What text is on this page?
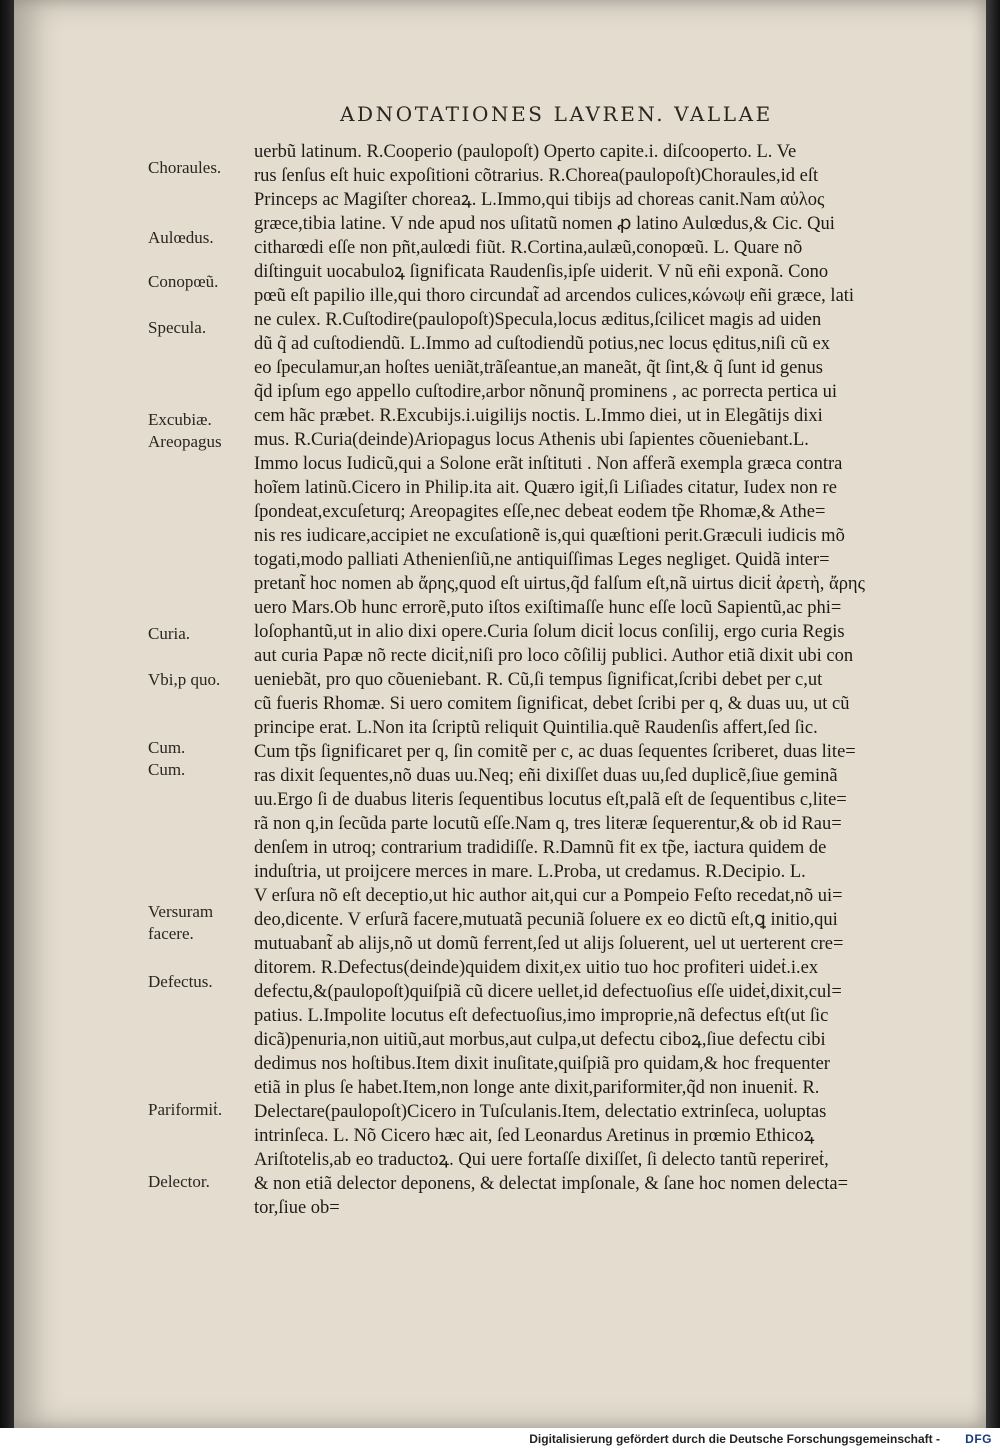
ADNOTATIONES LAVREN. VALLAE
Choraules.
Aulœdus.
Conopœũ.
Specula.
Excubiæ.
Areopagus
Curia.
Vbi,p quo.
Cum.
Cum.
Versuram
facere.
Defectus.
Pariformiṫ.
Delector.
uerbũ latinum. R.Cooperio (paulopoſt) Operto capite.i. diſcooperto. L. Ve
rus ſenſus eſt huic expoſitioni cõtrarius. R.Chorea(paulopoſt)Choraules,id eſt
Princeps ac Magiſter choreaꝝ. L.Immo,qui tibijs ad choreas canit.Nam αὐλος
græce,tibia latine. V nde apud nos uſitatũ nomen ꝓ latino Aulœdus,& Cic. Qui
citharœdi eſſe non pñt,aulœdi fiũt. R.Cortina,aulæũ,conopœũ. L. Quare nõ
diſtinguit uocabuloꝝ ſignificata Raudenſis,ipſe uiderit. V nũ eñi exponã. Cono
pœũ eſt papilio ille,qui thoro circundat̃ ad arcendos culices,κώνωψ eñi græce, lati
ne culex. R.Cuſtodire(paulopoſt)Specula,locus æditus,ſcilicet magis ad uiden
dũ q̃ ad cuſtodiendũ. L.Immo ad cuſtodiendũ potius,nec locus ęditus,niſi cũ ex
eo ſpeculamur,an hoſtes ueniãt,trãſeantue,an maneãt, q̃t ſint,& q̃ ſunt id genus
q̃d ipſum ego appello cuſtodire,arbor nõnunq̃ prominens , ac porrecta pertica ui
cem hãc præbet. R.Excubijs.i.uigilijs noctis. L.Immo diei, ut in Elegãtijs dixi
mus. R.Curia(deinde)Ariopagus locus Athenis ubi ſapientes cõueniebant.L.
Immo locus Iudicũ,qui a Solone erãt inſtituti . Non afferã exempla græca contra
hoĩem latinũ.Cicero in Philip.ita ait. Quæro igiṫ,ſi Liſiades citatur, Iudex non re
ſpondeat,excuſeturq; Areopagites eſſe,nec debeat eodem tp̃e Rhomæ,& Athe=
nis res iudicare,accipiet ne excuſationẽ is,qui quæſtioni perit.Græculi iudicis mõ
togati,modo palliati Athenienſiũ,ne antiquiſſimas Leges negliget. Quidã inter=
pretant̃ hoc nomen ab ἄρης,quod eſt uirtus,q̃d falſum eſt,nã uirtus diciṫ ἀρετὴ, ἄρης
uero Mars.Ob hunc errorẽ,puto iſtos exiſtimaſſe hunc eſſe locũ Sapientũ,ac phi=
loſophantũ,ut in alio dixi opere.Curia ſolum diciṫ locus conſilij, ergo curia Regis
aut curia Papæ nõ recte diciṫ,niſi pro loco cõſilij publici. Author etiã dixit ubi con
ueniebãt, pro quo cõueniebant. R. Cũ,ſi tempus ſignificat,ſcribi debet per c,ut
cũ fueris Rhomæ. Si uero comitem ſignificat, debet ſcribi per q, & duas uu, ut cũ
principe erat. L.Non ita ſcriptũ reliquit Quintilia.quẽ Raudenſis affert,ſed ſic.
Cum tp̃s ſignificaret per q, ſin comitẽ per c, ac duas ſequentes ſcriberet, duas lite=
ras dixit ſequentes,nõ duas uu.Neq; eñi dixiſſet duas uu,ſed duplicẽ,ſiue geminã
uu.Ergo ſi de duabus literis ſequentibus locutus eſt,palã eſt de ſequentibus c,lite=
rã non q,in ſecũda parte locutũ eſſe.Nam q, tres literæ ſequerentur,& ob id Rau=
denſem in utroq; contrarium tradidiſſe. R.Damnũ fit ex tp̃e, iactura quidem de
induſtria, ut proijcere merces in mare. L.Proba, ut credamus. R.Decipio. L.
V erſura nõ eſt deceptio,ut hic author ait,qui cur a Pompeio Feſto recedat,nõ ui=
deo,dicente. V erſurã facere,mutuatã pecuniã ſoluere ex eo dictũ eſt,ꝗ initio,qui
mutuabant̃ ab alijs,nõ ut domũ ferrent,ſed ut alijs ſoluerent, uel ut uerterent cre=
ditorem. R.Defectus(deinde)quidem dixit,ex uitio tuo hoc profiteri uideṫ.i.ex
defectu,&(paulopoſt)quiſpiã cũ dicere uellet,id defectuoſius eſſe uideṫ,dixit,cul=
patius. L.Impolite locutus eſt defectuoſius,imo improprie,nã defectus eſt(ut ſic
dicã)penuria,non uitiũ,aut morbus,aut culpa,ut defectu ciboꝝ,ſiue defectu cibi
dedimus nos hoſtibus.Item dixit inuſitate,quiſpiã pro quidam,& hoc frequenter
etiã in plus ſe habet.Item,non longe ante dixit,pariformiter,q̃d non inueniṫ. R.
Delectare(paulopoſt)Cicero in Tuſculanis.Item, delectatio extrinſeca, uoluptas
intrinſeca. L. Nõ Cicero hæc ait, ſed Leonardus Aretinus in prœmio Ethicoꝝ
Ariſtotelis,ab eo traductoꝝ. Qui uere fortaſſe dixiſſet, ſi delecto tantũ reperireṫ,
& non etiã delector deponens, & delectat impſonale, & ſane hoc nomen delecta=
tor,ſiue ob=
Digitalisierung gefördert durch die Deutsche Forschungsgemeinschaft - DFG
